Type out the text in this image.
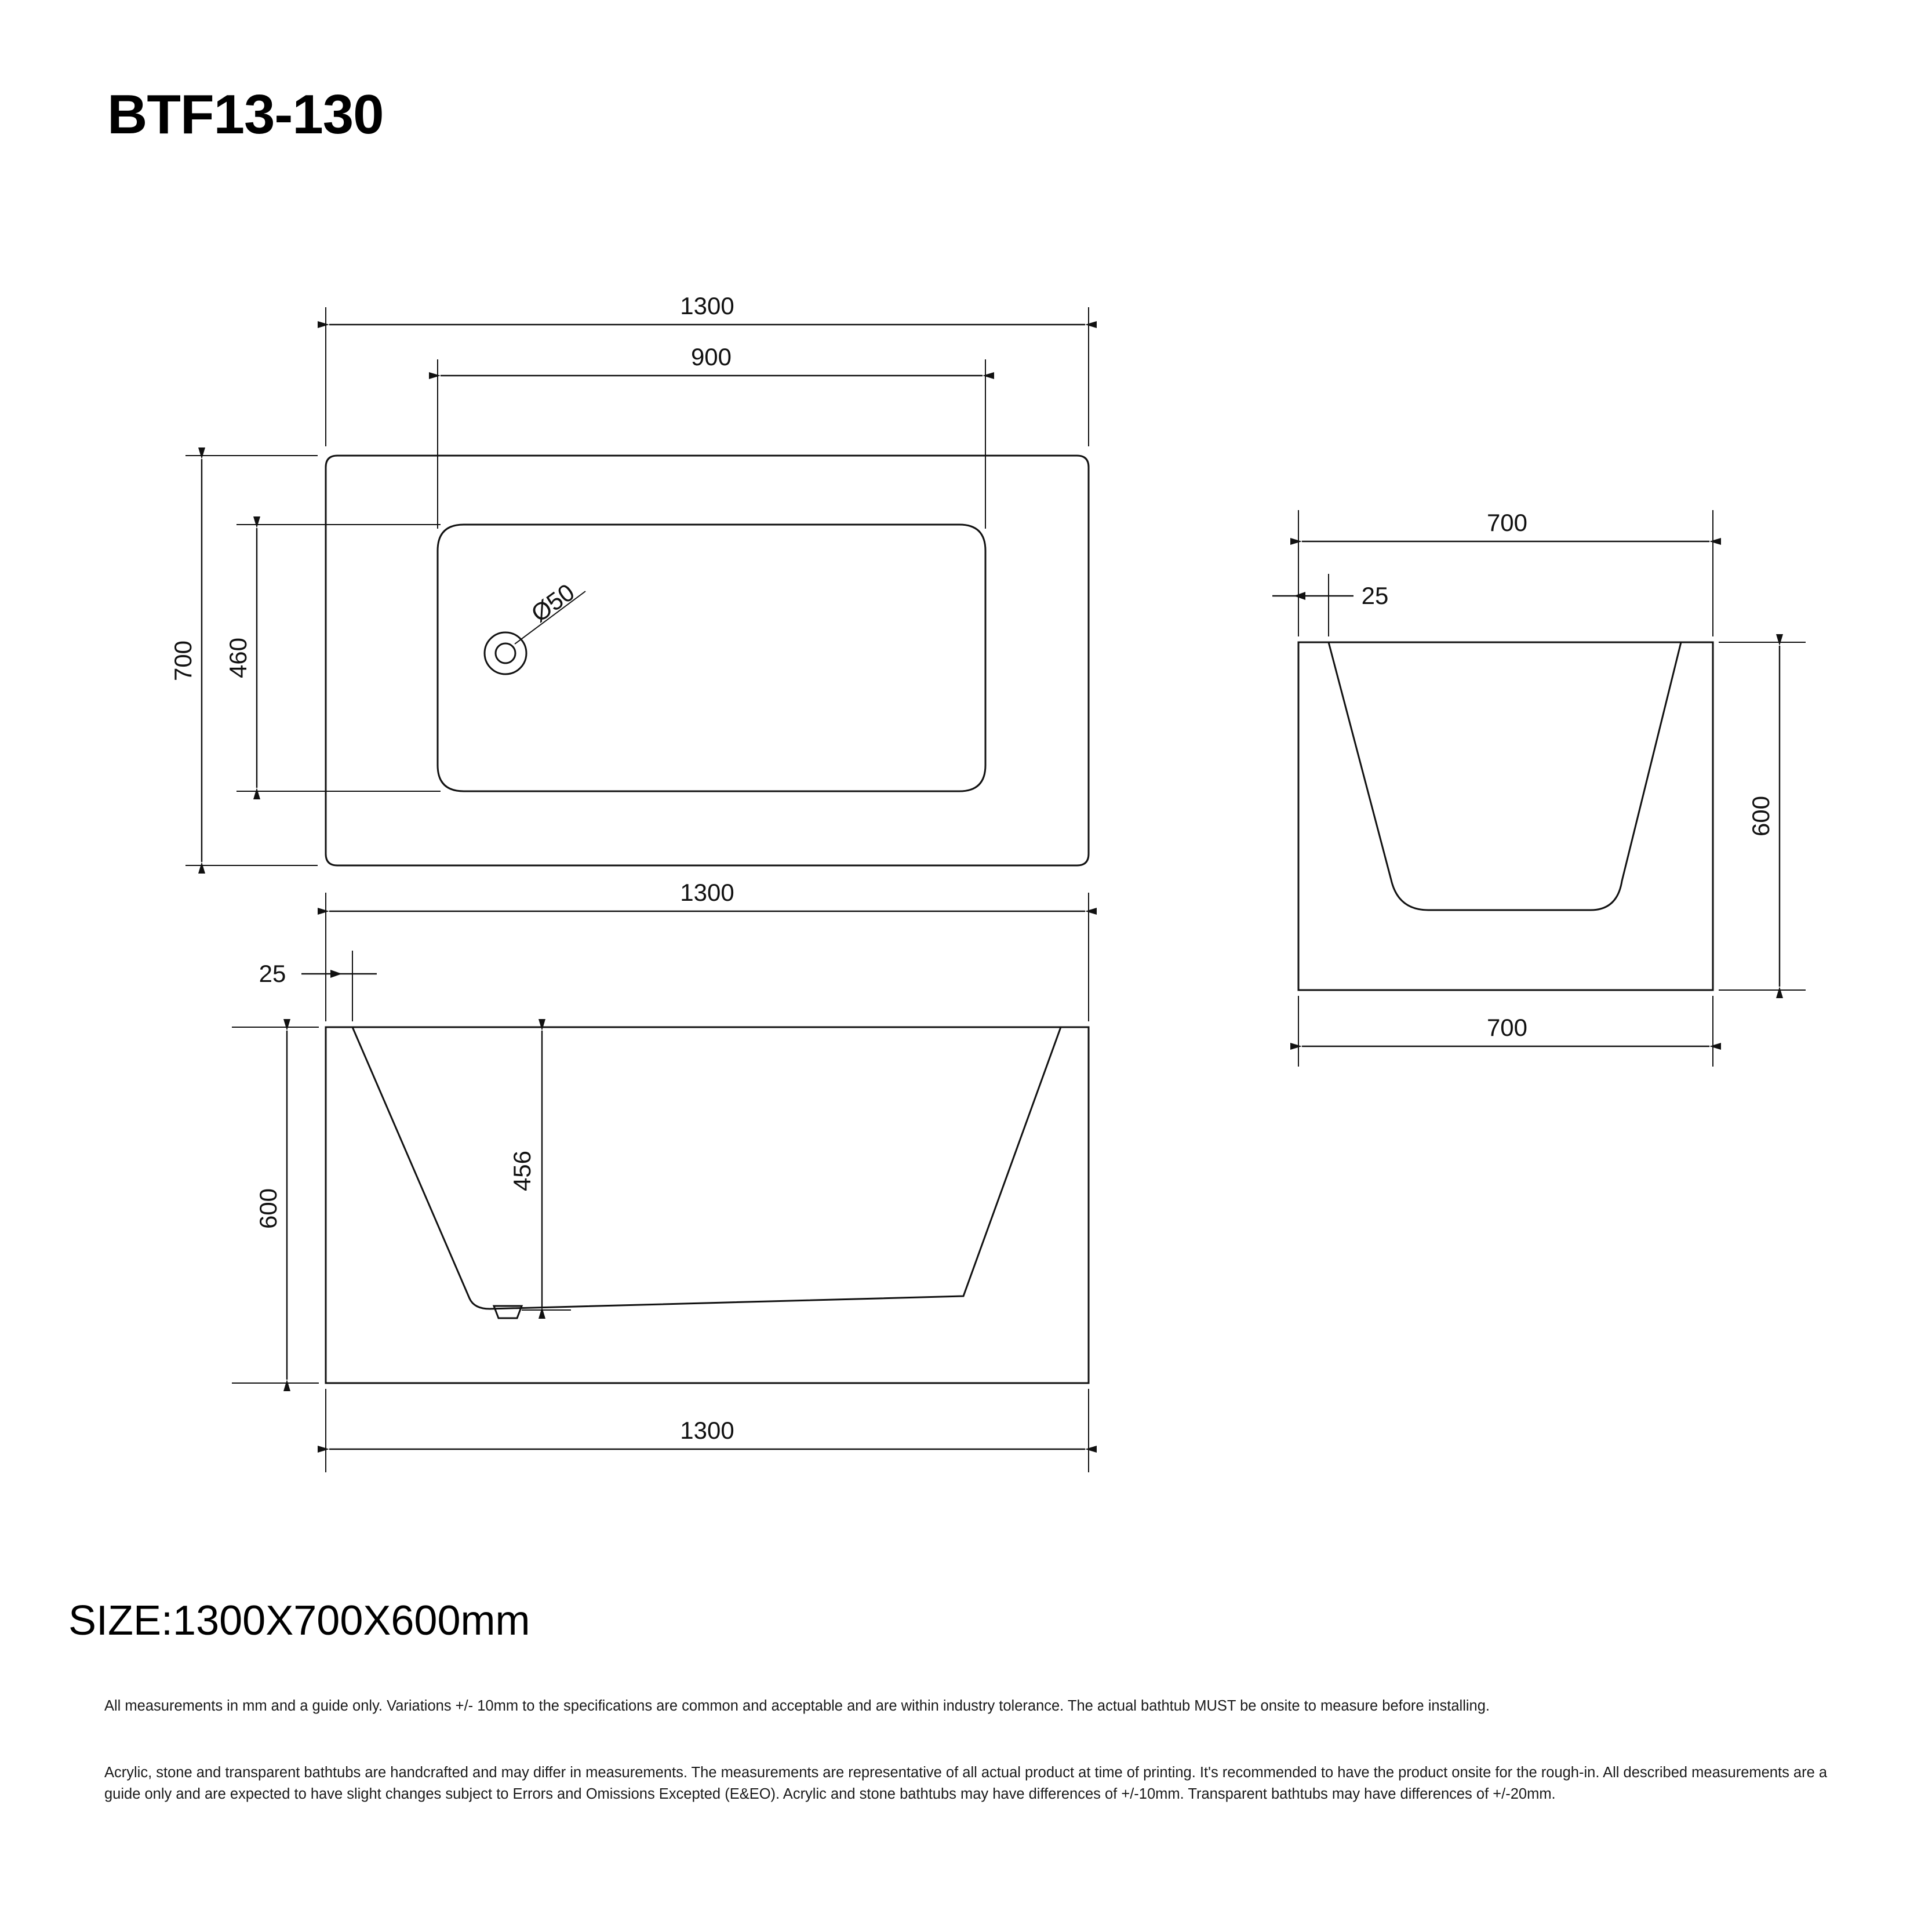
BTF13-130
Ø50
1300
900
700 460
1300
25
600
456
1300
700
25
600
700
SIZE:1300X700X600mm
All measurements in mm and a guide only. Variations +/- 10mm to the specifications are common and acceptable and are within industry tolerance. The actual bathtub MUST be onsite to measure before installing.
Acrylic, stone and transparent bathtubs are handcrafted and may differ in measurements. The measurements are representative of all actual product at time of printing. It's recommended to have the product onsite for the rough-in. All described measurements are a guide only and are expected to have slight changes subject to Errors and Omissions Excepted (E&EO). Acrylic and stone bathtubs may have differences of +/-10mm. Transparent bathtubs may have differences of +/-20mm.
